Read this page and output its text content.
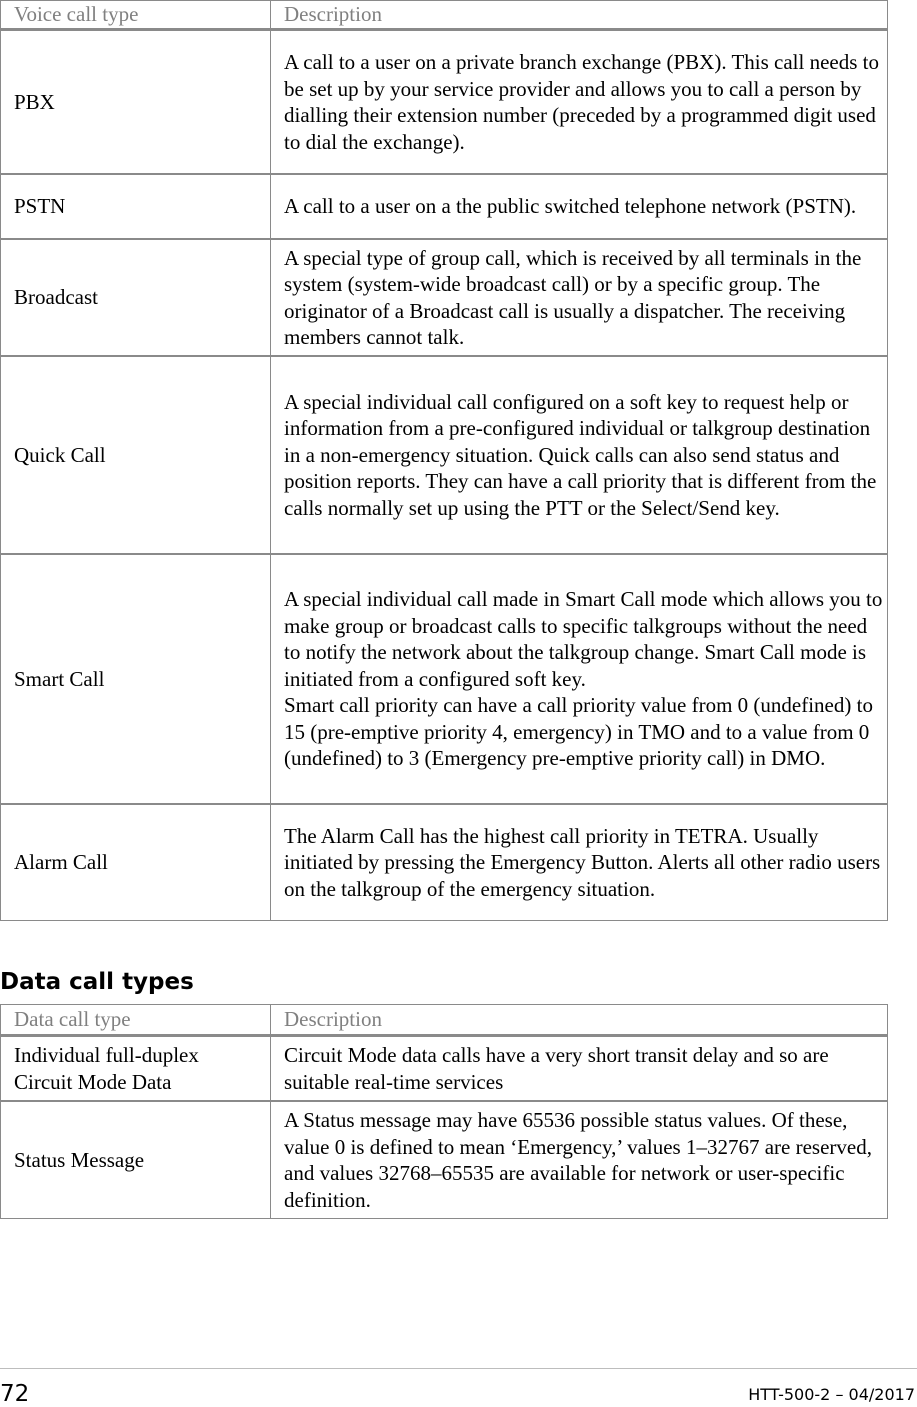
Voice call type	Description
PBX	A call to a user on a private branch exchange (PBX). This call needs to be set up by your service provider and allows you to call a person by dialling their extension number (preceded by a programmed digit used to dial the exchange).
PSTN	A call to a user on a the public switched telephone network (PSTN).
Broadcast	A special type of group call, which is received by all terminals in the system (system-wide broadcast call) or by a specific group. The originator of a Broadcast call is usually a dispatcher. The receiving members cannot talk.
Quick Call	A special individual call configured on a soft key to request help or information from a pre-configured individual or talkgroup destination in a non-emergency situation. Quick calls can also send status and position reports. They can have a call priority that is different from the calls normally set up using the PTT or the Select/Send key.
Smart Call	A special individual call made in Smart Call mode which allows you to make group or broadcast calls to specific talkgroups without the need to notify the network about the talkgroup change. Smart Call mode is initiated from a configured soft key.
Smart call priority can have a call priority value from 0 (undefined) to 15 (pre-emptive priority 4, emergency) in TMO and to a value from 0 (undefined) to 3 (Emergency pre-emptive priority call) in DMO.
Alarm Call	The Alarm Call has the highest call priority in TETRA. Usually initiated by pressing the Emergency Button. Alerts all other radio users on the talkgroup of the emergency situation.
Data call types
Data call type	Description
Individual full-duplex Circuit Mode Data	Circuit Mode data calls have a very short transit delay and so are suitable real-time services
Status Message	A Status message may have 65536 possible status values. Of these, value 0 is defined to mean ‘Emergency,’ values 1–32767 are reserved, and values 32768–65535 are available for network or user-specific definition.
72	HTT-500-2 – 04/2017
